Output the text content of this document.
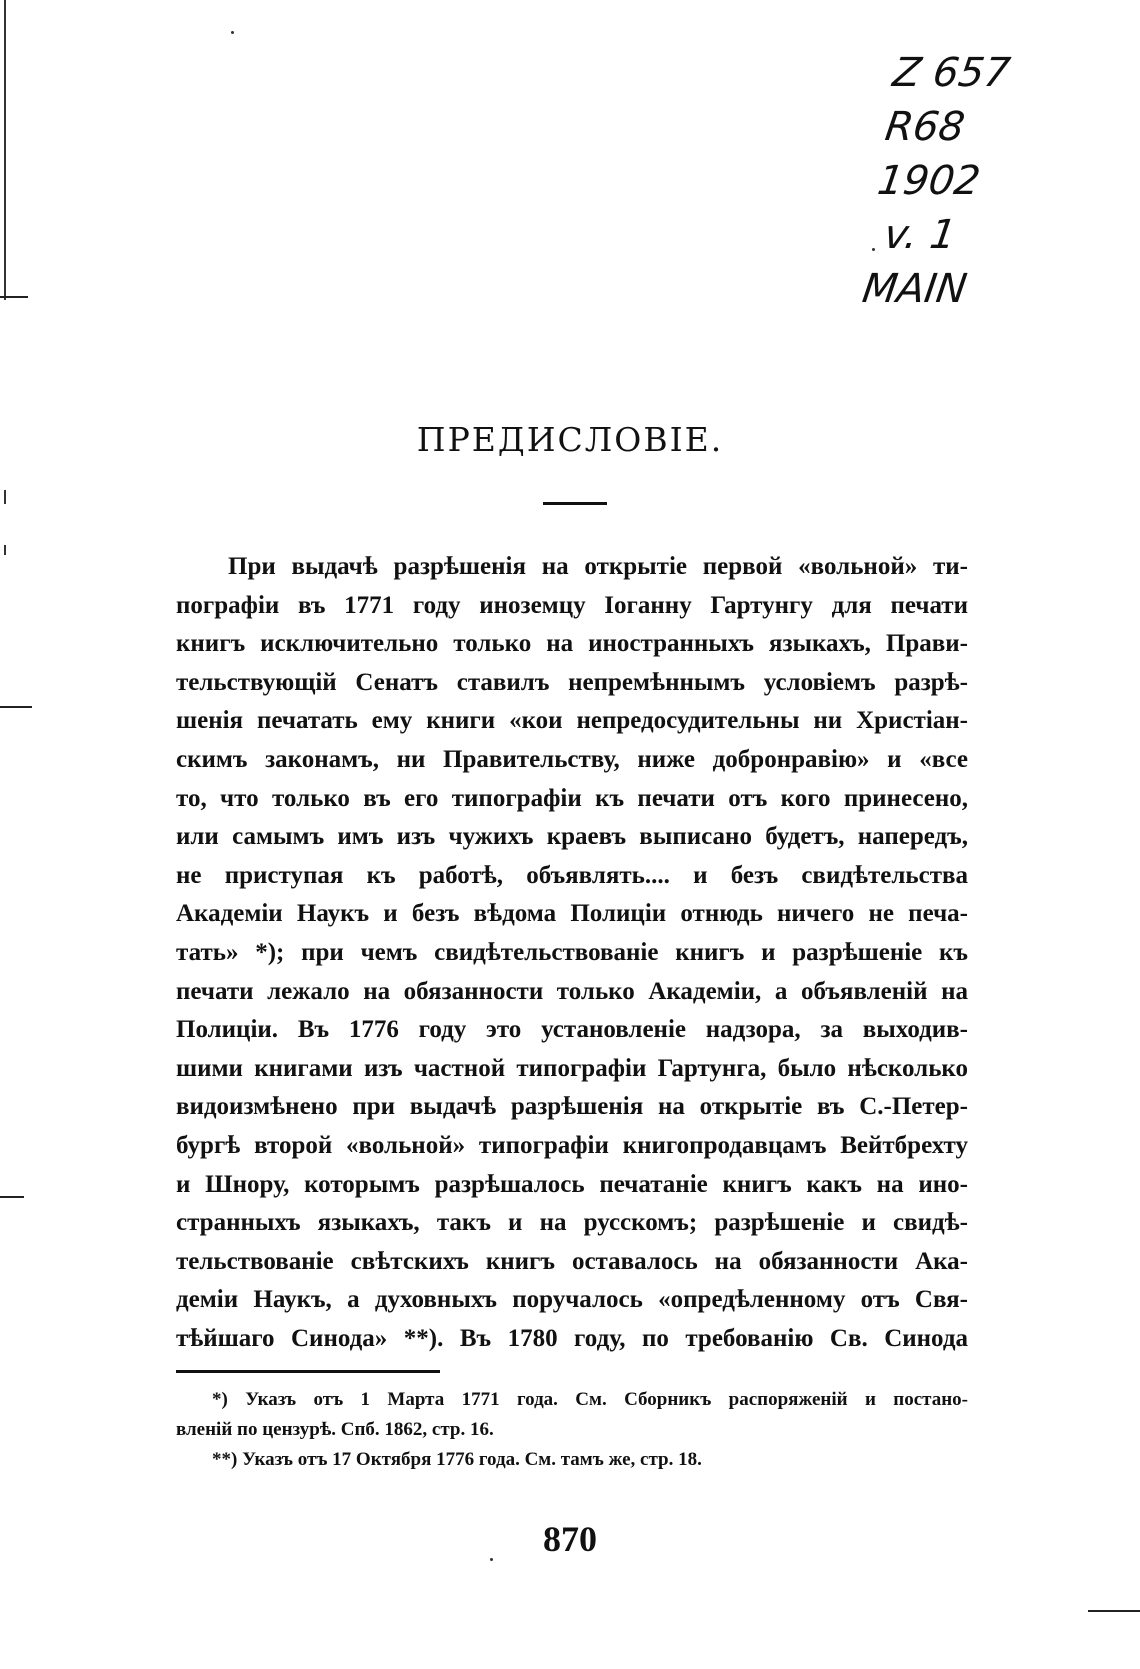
Z 657
R68
1902
v. 1
MAIN
ПРЕДИСЛОВІЕ.
При выдачѣ разрѣшенія на открытіе первой «вольной» ти-
пографіи въ 1771 году иноземцу Іоганну Гартунгу для печати
книгъ исключительно только на иностранныхъ языкахъ, Прави-
тельствующій Сенатъ ставилъ непремѣннымъ условіемъ разрѣ-
шенія печатать ему книги «кои непредосудительны ни Христіан-
скимъ законамъ, ни Правительству, ниже добронравію» и «все
то, что только въ его типографіи къ печати отъ кого принесено,
или самымъ имъ изъ чужихъ краевъ выписано будетъ, напередъ,
не приступая къ работѣ, объявлять.... и безъ свидѣтельства
Академіи Наукъ и безъ вѣдома Полиціи отнюдь ничего не печа-
тать» *); при чемъ свидѣтельствованіе книгъ и разрѣшеніе къ
печати лежало на обязанности только Академіи, а объявленій на
Полиціи. Въ 1776 году это установленіе надзора, за выходив-
шими книгами изъ частной типографіи Гартунга, было нѣсколько
видоизмѣнено при выдачѣ разрѣшенія на открытіе въ С.-Петер-
бургѣ второй «вольной» типографіи книгопродавцамъ Вейтбрехту
и Шнору, которымъ разрѣшалось печатаніе книгъ какъ на ино-
странныхъ языкахъ, такъ и на русскомъ; разрѣшеніе и свидѣ-
тельствованіе свѣтскихъ книгъ оставалось на обязанности Ака-
деміи Наукъ, а духовныхъ поручалось «опредѣленному отъ Свя-
тѣйшаго Синода» **). Въ 1780 году, по требованію Св. Синода
*) Указъ отъ 1 Марта 1771 года. См. Сборникъ распоряженій и постано-
вленій по цензурѣ. Спб. 1862, стр. 16.
**) Указъ отъ 17 Октября 1776 года. См. тамъ же, стр. 18.
870
